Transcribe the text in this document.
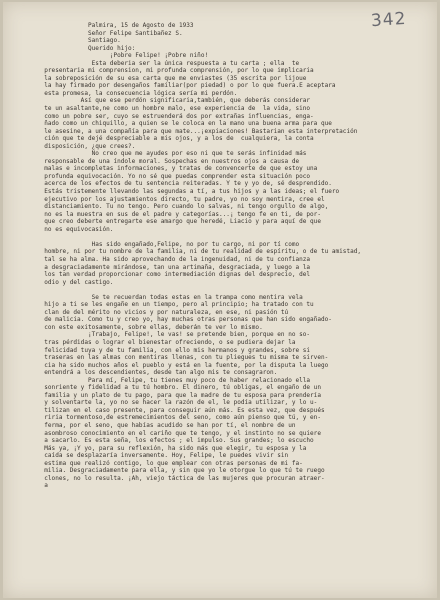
342
Palmira, 15 de Agosto de 1933
Señor Felipe Santibañez S.
Santiago.
Querido hijo:
¡Pobre Felipe! ¡Pobre niño!
Esta deberia ser la única respuesta a tu carta ; ella  te
presentaria mi comprension, mi profunda comprensión, por lo que implicaria
la sobreposición de su esa carta que me enviastes (35 escrita por lijoue
la hay firmado por desengaños familiar(por piedad) o por lo que fuera.E aceptara
esta promesa, la consecuencia lógica sería mi perdón.
Así que ese perdón significaria,también, que deberás considerar
te un asaltante,ne como un hombre malo, ese experiencia de  la vida, sino
como un pobre ser, cuyo se estruenderá dos por extrañas influencias, enga-
ñado como un chiquillo, a quien se le coloca en la mano una buena arma para que
le asesine, a una compañía para que mate...¡expiaciones! Bastarian esta interpretación
ción que te dejé despreciable a mis ojos, y a los de  cualquiera, la conta
disposición, ¿que crees?.
No creo que me ayudes por eso ni que te serás infinidad más
responsable de una índole moral. Sospechas en nuestros ojos a causa de
malas e incompletas informaciones, y tratas de convencerte de que estoy una
profunda equivocación. Yo no sé que puedas comprender esta situación poco
acerca de los efectos de tu sentencia reiteradas. Y te y yo de, sé desprendido.
Estás tristemente llevando las segundas a tí, a tus hijos y a las ideas; el fuero
ejecutivo por los ajustamientos directo, tu padre, yo no soy mentira, cree el
distanciamiento. Tu no tengo. Pero cuando lo salvas, ni tengo orgullo de algo,
no es la muestra en sus de el padre y categorías...¡ tengo fe en ti, de por-
que creo deberte entregarte ese amargo que heredé, Liacio y para aquí de que
no es equivocasión.
Has sido engañado,Felipe, no por tu cargo, ni por tí como
hombre, ni por tu nombre de la familia, ni de tu realidad de espíritu, o de tu amistad,
tal se ha alma. Ha sido aprovechando de la ingenuidad, ni de tu confianza
a desgraciadamente mirándose, tan una artimaña, desgraciada, y luego a la
los tan verdad proporcionar como intermediación dignas del desprecio, del
odio y del castigo.
Se te recuerdan todas estas en la trampa como mentira vela
hijo a ti se les engañe en un tiempo, pero al principio; ha tratado con tu
clan de del mérito no vicios y por naturaleza, en ese, ni pasión tú
de malicia. Como tu y creo yo, hay muchas otras personas que han sido engañado-
con este exitosamente, sobre ellas, deberán te ver lo mismo.
¡Trabajo, Felipe!, le vas! se pretende bien, porque en no so-
tras pérdidas o lograr el bienestar ofreciendo, o se pudiera dejar la
felicidad tuya y de tu familia, con ello mis hermanos y grandes, sobre si
traseras en las almas con mentiras llenas, con tu pliegues tu misma te sirven-
cia ha sido muchos años el pueblo y está en la fuente, por la disputa la luego
entendrá a los descendientes, desde tan algo mis te consagraron.
Para mí, Felipe, tu tienes muy poco de haber relacionado ella
sonriente y fidelidad a tu tú hombro. El dinero, tú obligas, el engaño de un
familia y un plato de tu pago, para que la madre de tu esposa para prendería
y solventarte la, yo no se hacer la razón de el, le podía utilizar, y lo u-
tilizan en el caso presente, para conseguir aún más. Es esta vez, que después
riria tormentoso,de estremecimientos del seno, como aún pienso que tú, y en-
ferma, por el seno, que habías acudido se han por tí, el nombre de un
asombroso conocimiento en el cariño que te tengo, y el instinto no se quiere
a sacarlo. Es esta seña, los efectos ; el impulso. Sus grandes; lo escucho
Más ya, ¡Y yo, para su reflexión, ha sido más que elegir, tu esposa y la
caída se desplazaría inversamente. Hoy, Felipe, le puedes vivir sin
estima que realizó contigo, lo que emplear con otras personas de mi fa-
milia. Desgraciadamente para ella, y sin que yo le otorgue lo que tú te ruego
clones, no lo resulta. ¡Ah, viejo táctica de las mujeres que procuran atraer-
a
